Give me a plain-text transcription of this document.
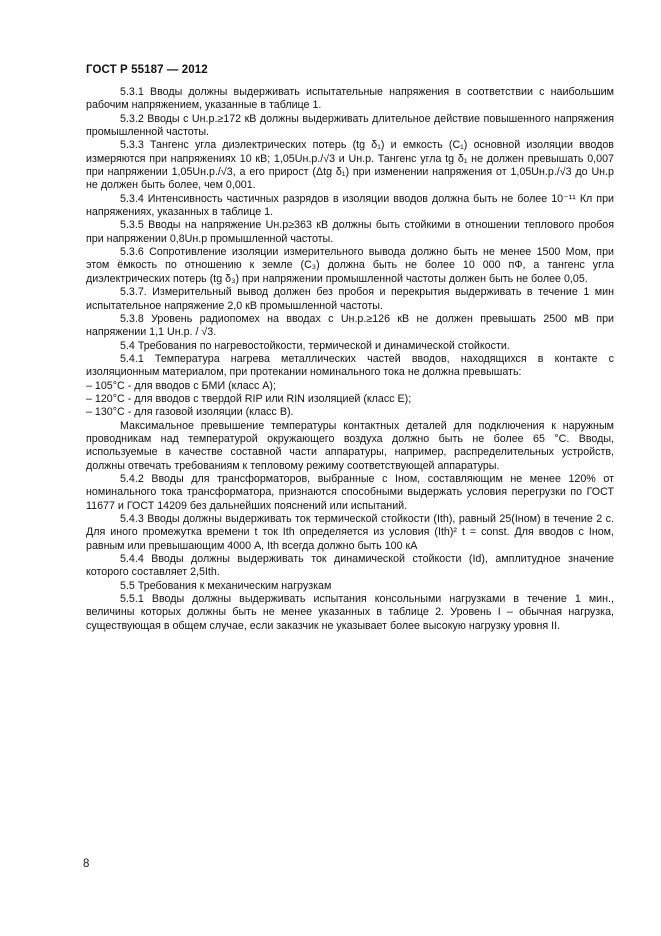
ГОСТ Р 55187 — 2012

5.3.1 Вводы должны выдерживать испытательные напряжения в соответствии с наибольшим рабочим напряжением, указанные в таблице 1.

5.3.2 Вводы с Uн.р.≥172 кВ должны выдерживать длительное действие повышенного напряжения промышленной частоты.

5.3.3 Тангенс угла диэлектрических потерь (tg δ₁) и емкость (C₁) основной изоляции вводов измеряются при напряжениях 10 кВ; 1,05Uн.р./√3 и Uн.р. Тангенс угла tg δ₁ не должен превышать 0,007 при напряжении 1,05Uн.р./√3, а его прирост (Δtg δ₁) при изменении напряжения от 1,05Uн.р./√3 до Uн.р не должен быть более, чем 0,001.

5.3.4 Интенсивность частичных разрядов в изоляции вводов должна быть не более 10⁻¹¹ Кл при напряжениях, указанных в таблице 1.

5.3.5 Вводы на напряжение Uн.р≥363 кВ должны быть стойкими в отношении теплового пробоя при напряжении 0,8Uн.р промышленной частоты.

5.3.6 Сопротивление изоляции измерительного вывода должно быть не менее 1500 Мом, при этом ёмкость по отношению к земле (C₃) должна быть не более 10 000 пФ, а тангенс угла диэлектрических потерь (tg δ₃) при напряжении промышленной частоты должен быть не более 0,05.

5.3.7. Измерительный вывод должен без пробоя и перекрытия выдерживать в течение 1 мин испытательное напряжение 2,0 кВ промышленной частоты.

5.3.8 Уровень радиопомех на вводах с Uн.р.≥126 кВ не должен превышать 2500 мВ при напряжении 1,1 Uн.р. / √3.

5.4 Требования по нагревостойкости, термической и динамической стойкости.

5.4.1 Температура нагрева металлических частей вводов, находящихся в контакте с изоляционным материалом, при протекании номинального тока не должна превышать:

– 105°C - для вводов с БМИ (класс А);

– 120°C - для вводов с твердой RIP или RIN изоляцией (класс Е);

– 130°C - для газовой изоляции (класс В).

Максимальное превышение температуры контактных деталей для подключения к наружным проводникам над температурой окружающего воздуха должно быть не более 65 °С. Вводы, используемые в качестве составной части аппаратуры, например, распределительных устройств, должны отвечать требованиям к тепловому режиму соответствующей аппаратуры.

5.4.2 Вводы для трансформаторов, выбранные с Iном, составляющим не менее 120% от номинального тока трансформатора, признаются способными выдержать условия перегрузки по ГОСТ 11677 и ГОСТ 14209 без дальнейших пояснений или испытаний.

5.4.3 Вводы должны выдерживать ток термической стойкости (Ith), равный 25(Iном) в течение 2 с. Для иного промежутка времени t ток Ith определяется из условия (Ith)² t = const. Для вводов с Iном, равным или превышающим 4000 А, Ith всегда должно быть 100 кА

5.4.4 Вводы должны выдерживать ток динамической стойкости (Id), амплитудное значение которого составляет 2,5Ith.

5.5 Требования к механическим нагрузкам

5.5.1 Вводы должны выдерживать испытания консольными нагрузками в течение 1 мин., величины которых должны быть не менее указанных в таблице 2. Уровень I – обычная нагрузка, существующая в общем случае, если заказчик не указывает более высокую нагрузку уровня II.

8
